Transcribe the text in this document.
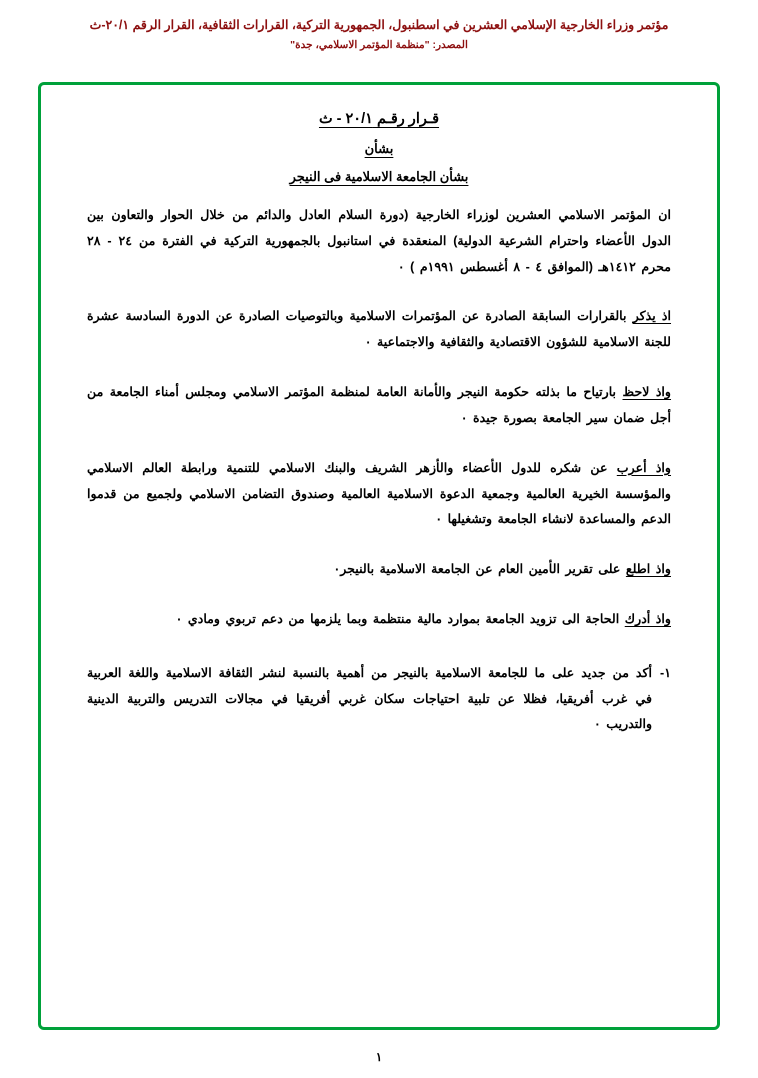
مؤتمر وزراء الخارجية الإسلامي العشرين في اسطنبول، الجمهورية التركية، القرارات الثقافية، القرار الرقم ٢٠/١-ث
المصدر: "منظمة المؤتمر الاسلامي، جدة"
قـرار رقـم ٢٠/١ - ث
بشأن
بشأن الجامعة الاسلامية فى النيجر

ان المؤتمر الاسلامي العشرين لوزراء الخارجية (دورة السلام العادل والدائم من خلال الحوار والتعاون بين الدول الأعضاء واحترام الشرعية الدولية) المنعقدة في استانبول بالجمهورية التركية في الفترة من ٢٤ - ٢٨ محرم ١٤١٢هـ (الموافق ٤ - ٨ أغسطس ١٩٩١م ) ٠

اذ يذكر بالقرارات السابقة الصادرة عن المؤتمرات الاسلامية وبالتوصيات الصادرة عن الدورة السادسة عشرة للجنة الاسلامية للشؤون الاقتصادية والثقافية والاجتماعية ٠

واذ لاحظ بارتياح ما بذلته حكومة النيجر والأمانة العامة لمنظمة المؤتمر الاسلامي ومجلس أمناء الجامعة من أجل ضمان سير الجامعة بصورة جيدة ٠

واذ أعرب عن شكره للدول الأعضاء والأزهر الشريف والبنك الاسلامي للتنمية ورابطة العالم الاسلامي والمؤسسة الخيرية العالمية وجمعية الدعوة الاسلامية العالمية وصندوق التضامن الاسلامي ولجميع من قدموا الدعم والمساعدة لانشاء الجامعة وتشغيلها ٠

واذ اطلع على تقرير الأمين العام عن الجامعة الاسلامية بالنيجر٠

واذ أدرك الحاجة الى تزويد الجامعة بموارد مالية منتظمة وبما يلزمها من دعم تربوي ومادي ٠

١-
أكد من جديد على ما للجامعة الاسلامية بالنيجر من أهمية بالنسبة لنشر الثقافة الاسلامية واللغة العربية في غرب أفريقيا، فظلا عن تلبية احتياجات سكان غربي أفريقيا في مجالات التدريس والتربية الدينية والتدريب ٠
١
